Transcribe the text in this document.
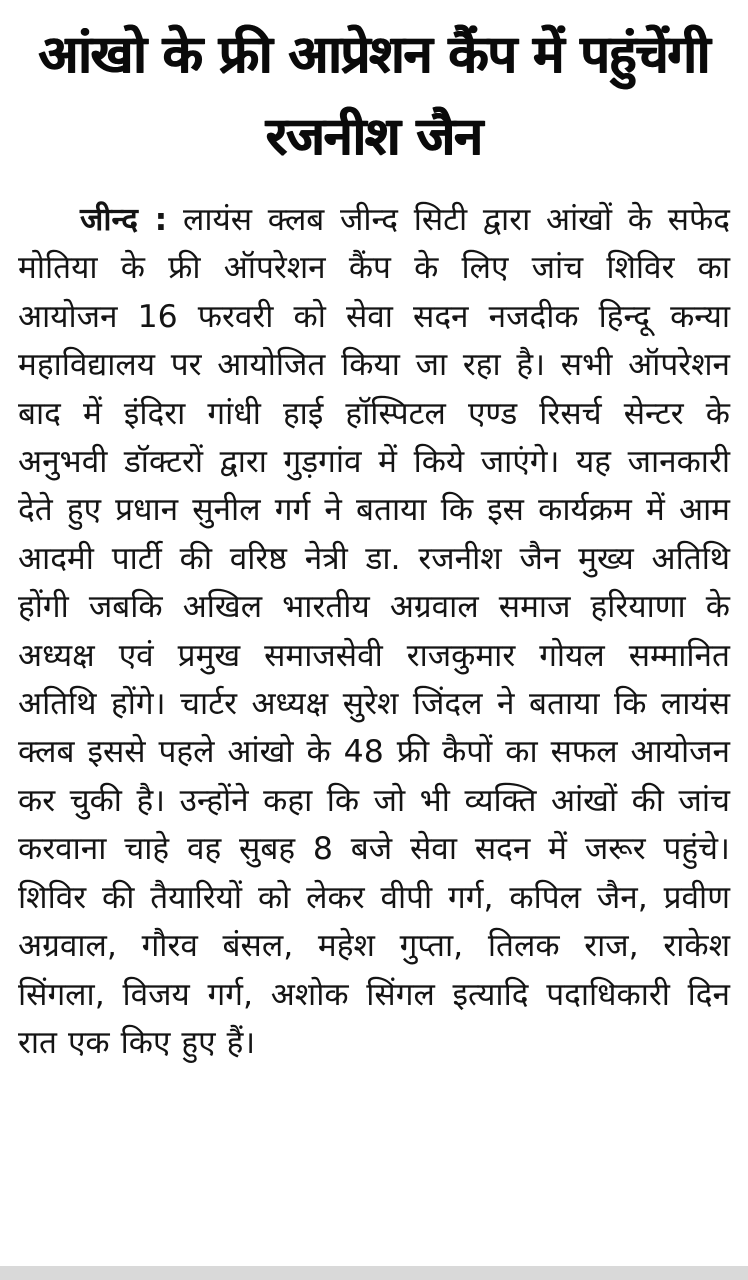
आंखो के फ्री आप्रेशन कैंप में पहुंचेंगी रजनीश जैन

जीन्द : लायंस क्लब जीन्द सिटी द्वारा आंखों के सफेद मोतिया के फ्री ऑपरेशन कैंप के लिए जांच शिविर का आयोजन 16 फरवरी को सेवा सदन नजदीक हिन्दू कन्या महाविद्यालय पर आयोजित किया जा रहा है। सभी ऑपरेशन बाद में इंदिरा गांधी हाई हॉस्पिटल एण्ड रिसर्च सेन्टर के अनुभवी डॉक्टरों द्वारा गुड़गांव में किये जाएंगे। यह जानकारी देते हुए प्रधान सुनील गर्ग ने बताया कि इस कार्यक्रम में आम आदमी पार्टी की वरिष्ठ नेत्री डा. रजनीश जैन मुख्य अतिथि होंगी जबकि अखिल भारतीय अग्रवाल समाज हरियाणा के अध्यक्ष एवं प्रमुख समाजसेवी राजकुमार गोयल सम्मानित अतिथि होंगे। चार्टर अध्यक्ष सुरेश जिंदल ने बताया कि लायंस क्लब इससे पहले आंखो के 48 फ्री कैपों का सफल आयोजन कर चुकी है। उन्होंने कहा कि जो भी व्यक्ति आंखों की जांच करवाना चाहे वह सुबह 8 बजे सेवा सदन में जरूर पहुंचे। शिविर की तैयारियों को लेकर वीपी गर्ग, कपिल जैन, प्रवीण अग्रवाल, गौरव बंसल, महेश गुप्ता, तिलक राज, राकेश सिंगला, विजय गर्ग, अशोक सिंगल इत्यादि पदाधिकारी दिन रात एक किए हुए हैं।
